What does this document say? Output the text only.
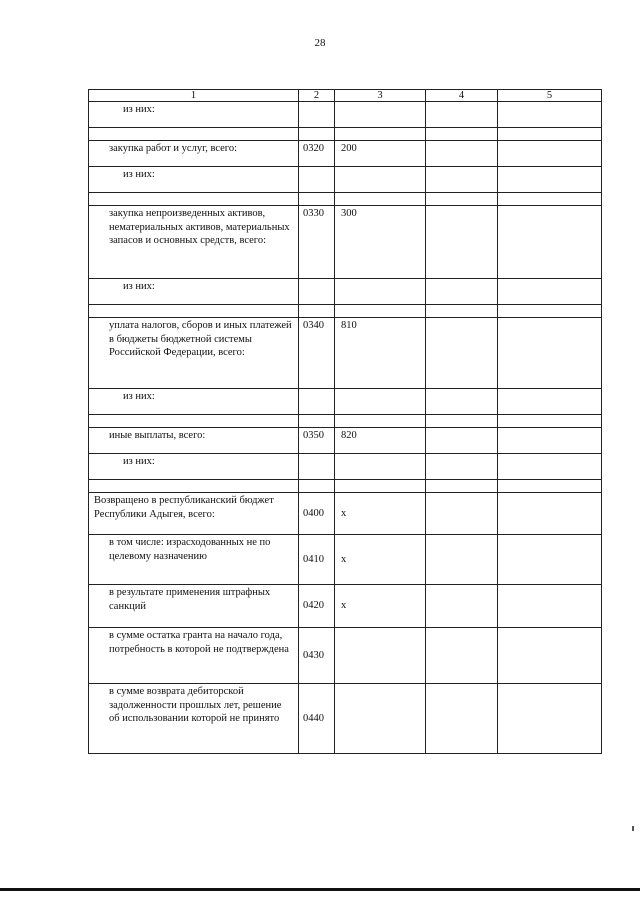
28
1	2	3	4	5
из них:				

закупка работ и услуг, всего:	0320	200		
из них:				

закупка непроизведенных активов, нематериальных активов, материальных запасов и основных средств, всего:	0330	300		
из них:				

уплата налогов, сборов и иных платежей в бюджеты бюджетной системы Российской Федерации, всего:	0340	810		
из них:				

иные выплаты, всего:	0350	820		
из них:				

Возвращено в республиканский бюджет Республики Адыгея, всего:	0400	х		
в том числе: израсходованных не по целевому назначению	0410	х		
в результате применения штрафных санкций	0420	х		
в сумме остатка гранта на начало года, потребность в которой не подтверждена	0430			
в сумме возврата дебиторской задолженности прошлых лет, решение об использовании которой не принято	0440			
